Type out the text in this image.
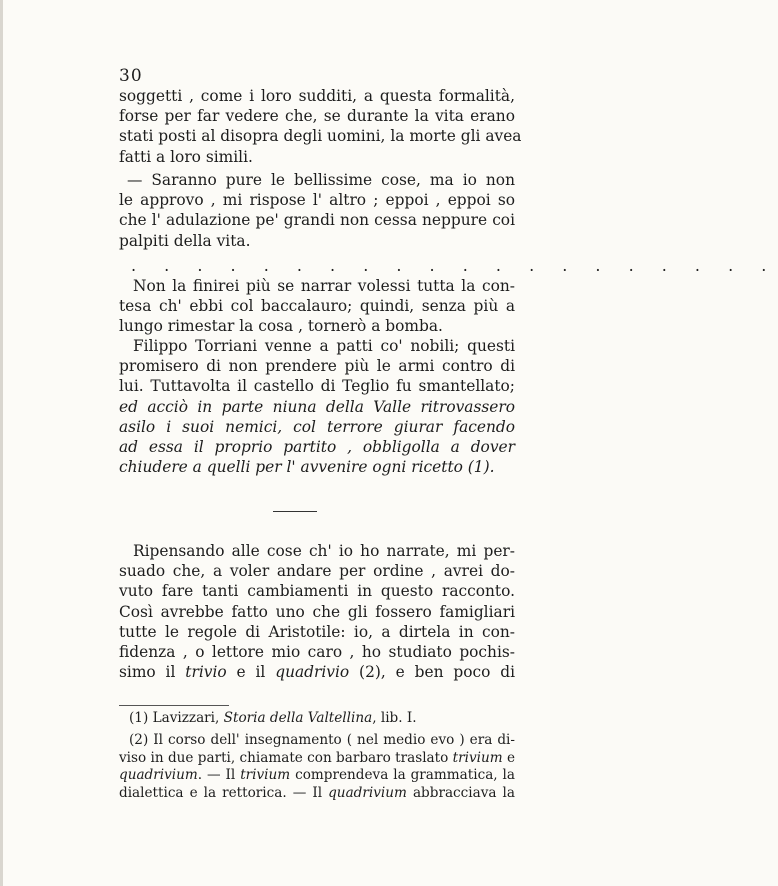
30
soggetti , come i loro sudditi, a questa formalità,
forse per far vedere che, se durante la vita erano
stati posti al disopra degli uomini, la morte gli avea
fatti a loro simili.
— Saranno pure le bellissime cose, ma io non
le approvo , mi rispose l' altro ; eppoi , eppoi so
che l' adulazione pe' grandi non cessa neppure coi
palpiti della vita.
. . . . . . . . . . . . . . . . . . . .
Non la finirei più se narrar volessi tutta la con-
tesa ch' ebbi col baccalauro; quindi, senza più a
lungo rimestar la cosa , tornerò a bomba.
Filippo Torriani venne a patti co' nobili; questi
promisero di non prendere più le armi contro di
lui. Tuttavolta il castello di Teglio fu smantellato;
ed acciò in parte niuna della Valle ritrovassero
asilo i suoi nemici, col terrore giurar facendo
ad essa il proprio partito , obbligolla a dover
chiudere a quelli per l' avvenire ogni ricetto (1).
Ripensando alle cose ch' io ho narrate, mi per-
suado che, a voler andare per ordine , avrei do-
vuto fare tanti cambiamenti in questo racconto.
Così avrebbe fatto uno che gli fossero famigliari
tutte le regole di Aristotile: io, a dirtela in con-
fidenza , o lettore mio caro , ho studiato pochis-
simo il trivio e il quadrivio (2), e ben poco di
(1) Lavizzari, Storia della Valtellina, lib. I.
(2) Il corso dell' insegnamento ( nel medio evo ) era di-
viso in due parti, chiamate con barbaro traslato trivium e
quadrivium. — Il trivium comprendeva la grammatica, la
dialettica e la rettorica. — Il quadrivium abbracciava la
